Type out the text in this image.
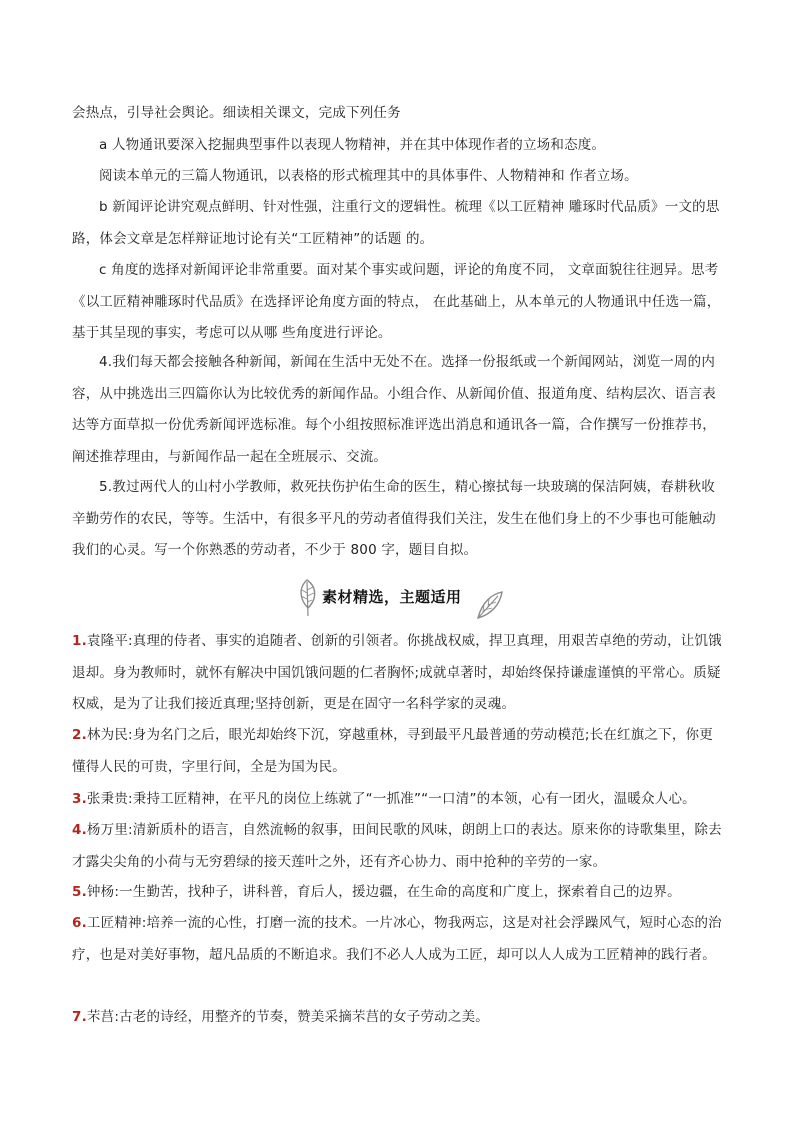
会热点，引导社会舆论。细读相关课文，完成下列任务

a 人物通讯要深入挖掘典型事件以表现人物精神，并在其中体现作者的立场和态度。

阅读本单元的三篇人物通讯，以表格的形式梳理其中的具体事件、人物精神和 作者立场。

b 新闻评论讲究观点鲜明、针对性强，注重行文的逻辑性。梳理《以工匠精神 雕琢时代品质》一文的思路，体会文章是怎样辩证地讨论有关“工匠精神”的话题 的。

c 角度的选择对新闻评论非常重要。面对某个事实或问题，评论的角度不同， 文章面貌往往迥异。思考《以工匠精神雕琢时代品质》在选择评论角度方面的特点， 在此基础上，从本单元的人物通讯中任选一篇，基于其呈现的事实，考虑可以从哪 些角度进行评论。

4.我们每天都会接触各种新闻，新闻在生活中无处不在。选择一份报纸或一个新闻网站，浏览一周的内容，从中挑选出三四篇你认为比较优秀的新闻作品。小组合作、从新闻价值、报道角度、结构层次、语言表达等方面草拟一份优秀新闻评选标准。每个小组按照标准评选出消息和通讯各一篇，合作撰写一份推荐书，阐述推荐理由，与新闻作品一起在全班展示、交流。

5.教过两代人的山村小学教师，救死扶伤护佑生命的医生，精心擦拭每一块玻璃的保洁阿姨，春耕秋收辛勤劳作的农民，等等。生活中，有很多平凡的劳动者值得我们关注，发生在他们身上的不少事也可能触动我们的心灵。写一个你熟悉的劳动者，不少于 800 字，题目自拟。

素材精选，主题适用

1.袁隆平:真理的侍者、事实的追随者、创新的引领者。你挑战权威，捍卫真理，用艰苦卓绝的劳动，让饥饿退却。身为教师时，就怀有解决中国饥饿问题的仁者胸怀;成就卓著时，却始终保持谦虚谨慎的平常心。质疑权威，是为了让我们接近真理;坚持创新，更是在固守一名科学家的灵魂。

2.林为民:身为名门之后，眼光却始终下沉，穿越重林，寻到最平凡最普通的劳动模范;长在红旗之下，你更懂得人民的可贵，字里行间，全是为国为民。

3.张秉贵:秉持工匠精神，在平凡的岗位上练就了“一抓准”“一口清”的本领，心有一团火，温暖众人心。

4.杨万里:清新质朴的语言，自然流畅的叙事，田间民歌的风味，朗朗上口的表达。原来你的诗歌集里，除去才露尖尖角的小荷与无穷碧绿的接天莲叶之外，还有齐心协力、雨中抢种的辛劳的一家。

5.钟杨:一生勤苦，找种子，讲科普，育后人，援边疆，在生命的高度和广度上，探索着自己的边界。

6.工匠精神:培养一流的心性，打磨一流的技术。一片冰心，物我两忘，这是对社会浮躁风气，短时心态的治疗，也是对美好事物，超凡品质的不断追求。我们不必人人成为工匠，却可以人人成为工匠精神的践行者。

7.芣莒:古老的诗经，用整齐的节奏，赞美采摘芣莒的女子劳动之美。
